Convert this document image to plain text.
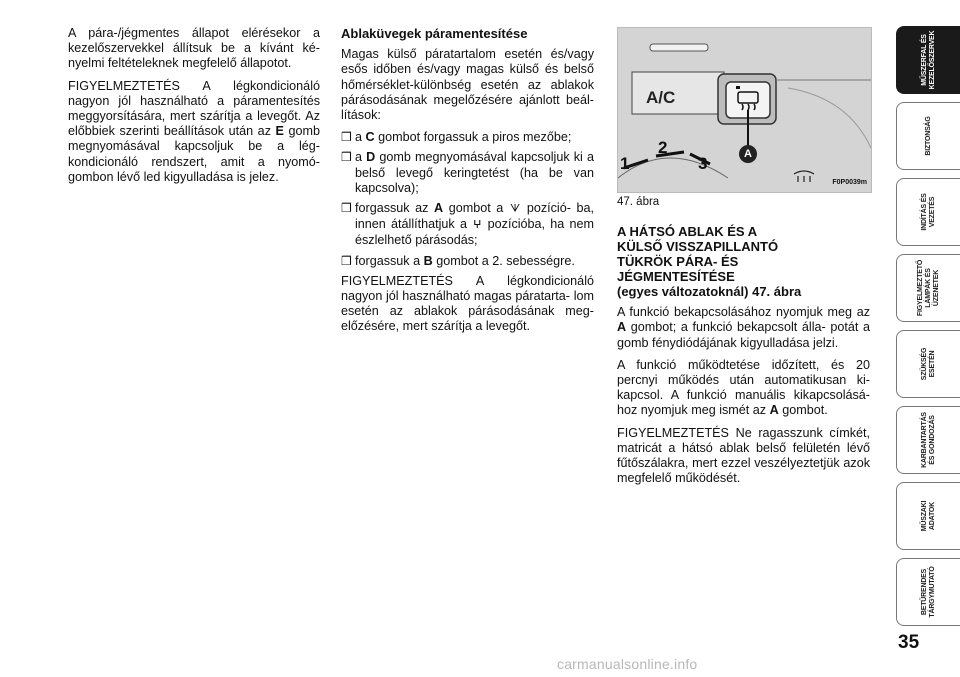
A pára-/jégmentes állapot elérésekor a kezelőszervekkel állítsuk be a kívánt ké- nyelmi feltételeknek megfelelő állapotot.

FIGYELMEZTETÉS A légkondicionáló nagyon jól használható a páramentesítés meggyorsítására, mert szárítja a levegőt. Az előbbiek szerinti beállítások után az E gomb megnyomásával kapcsoljuk be a lég- kondicionáló rendszert, amit a nyomó- gombon lévő led kigyulladása is jelez.

Ablaküvegek páramentesítése

Magas külső páratartalom esetén és/vagy esős időben és/vagy magas külső és belső hőmérséklet-különbség esetén az ablakok párásodásának megelőzésére ajánlott beál- lítások:

❒ a C gombot forgassuk a piros mezőbe;
❒ a D gomb megnyomásával kapcsoljuk ki a belső levegő keringtetést (ha be van kapcsolva);
❒ forgassuk az A gombot a ᗐ pozíció- ba, innen átállíthatjuk a ⵖ pozícióba, ha nem észlelhető párásodás;
❒ forgassuk a B gombot a 2. sebességre.

FIGYELMEZTETÉS A légkondicionáló nagyon jól használható magas páratarta- lom esetén az ablakok párásodásának meg- előzésére, mert szárítja a levegőt.

A/C
A
1
2
3
F0P0039m
47. ábra
A HÁTSÓ ABLAK ÉS A
KÜLSŐ VISSZAPILLANTÓ
TÜKRÖK PÁRA- ÉS
JÉGMENTESÍTÉSE
(egyes változatoknál) 47. ábra

A funkció bekapcsolásához nyomjuk meg az A gombot; a funkció bekapcsolt álla- potát a gomb fénydiódájának kigyulladása jelzi.

A funkció működtetése időzített, és 20 percnyi működés után automatikusan ki- kapcsol. A funkció manuális kikapcsolásá- hoz nyomjuk meg ismét az A gombot.

FIGYELMEZTETÉS Ne ragasszunk címkét, matricát a hátsó ablak belső felületén lévő fűtőszálakra, mert ezzel veszélyeztetjük azok megfelelő működését.

MŰSZERFAL ÉS KEZELŐSZERVEK
BIZTONSÁG
INDÍTÁS ÉS VEZETÉS
FIGYELMEZTETŐ LÁMPÁK ÉS ÜZENETEK
SZÜKSÉG ESETÉN
KARBANTARTÁS ÉS GONDOZÁS
MŰSZAKI ADATOK
BETŰRENDES TÁRGYMUTATÓ
35
carmanualsonline.info
